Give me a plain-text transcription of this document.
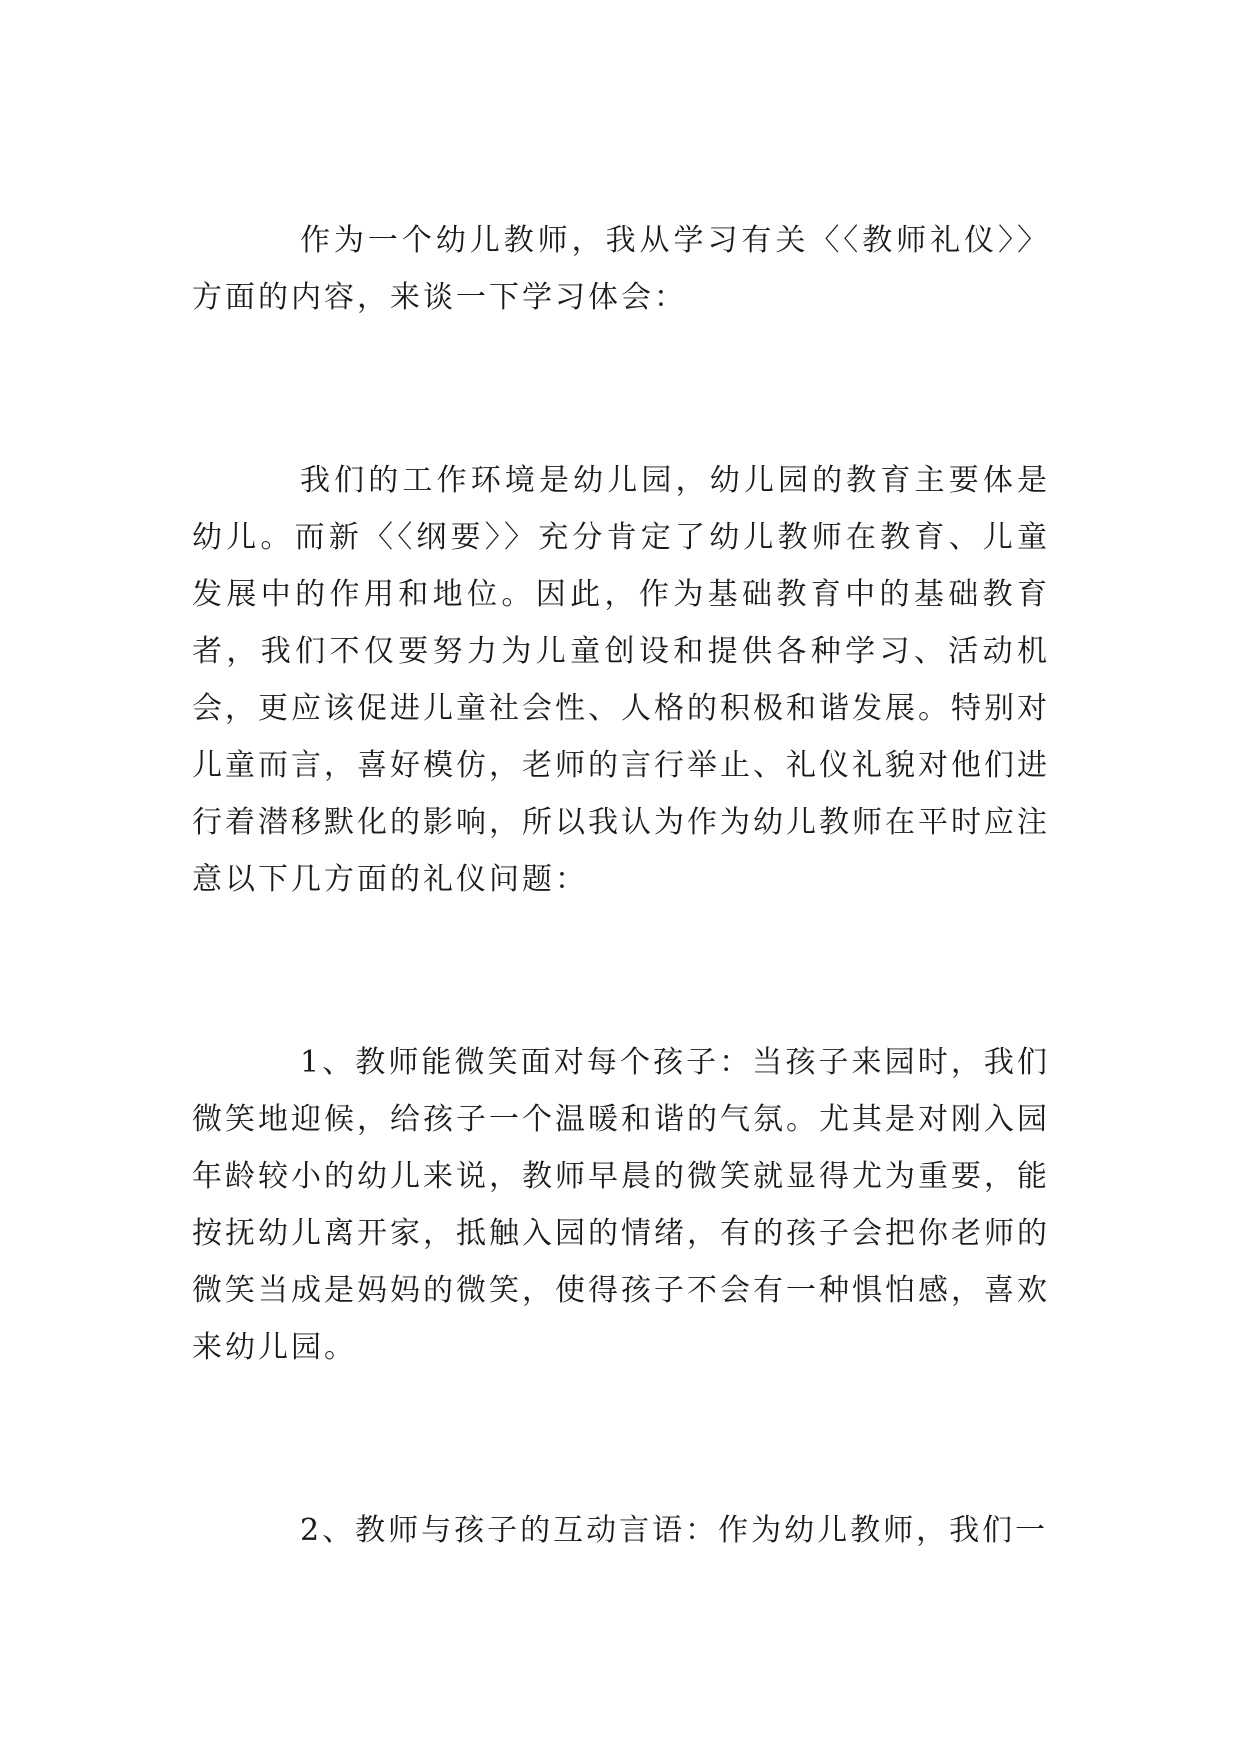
作为一个幼儿教师，我从学习有关〈〈教师礼仪〉〉方面的内容，来谈一下学习体会：

我们的工作环境是幼儿园，幼儿园的教育主要体是幼儿。而新〈〈纲要〉〉充分肯定了幼儿教师在教育、儿童发展中的作用和地位。因此，作为基础教育中的基础教育者，我们不仅要努力为儿童创设和提供各种学习、活动机会，更应该促进儿童社会性、人格的积极和谐发展。特别对儿童而言，喜好模仿，老师的言行举止、礼仪礼貌对他们进行着潜移默化的影响，所以我认为作为幼儿教师在平时应注意以下几方面的礼仪问题：

1、教师能微笑面对每个孩子：当孩子来园时，我们微笑地迎候，给孩子一个温暖和谐的气氛。尤其是对刚入园年龄较小的幼儿来说，教师早晨的微笑就显得尤为重要，能按抚幼儿离开家，抵触入园的情绪，有的孩子会把你老师的微笑当成是妈妈的微笑，使得孩子不会有一种惧怕感，喜欢来幼儿园。

2、教师与孩子的互动言语：作为幼儿教师，我们一
